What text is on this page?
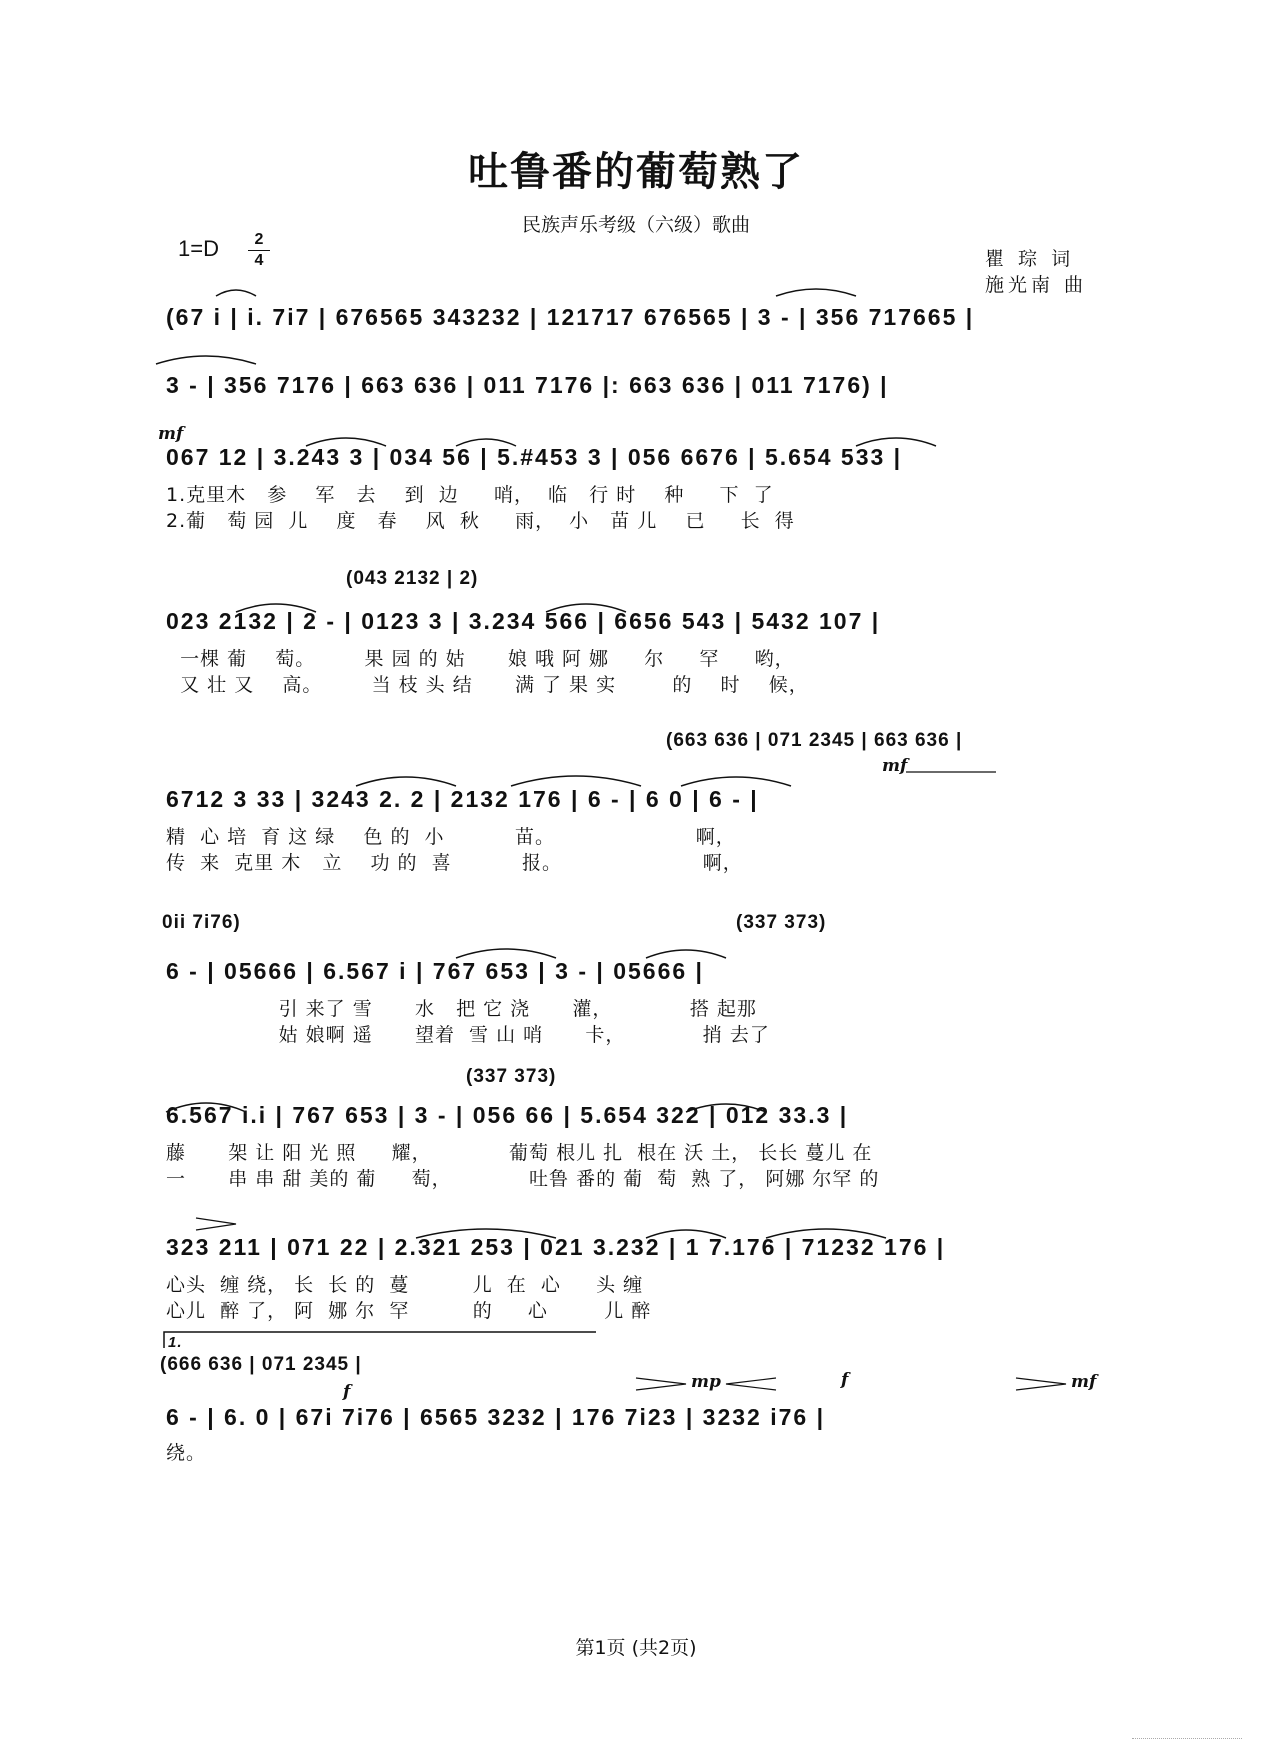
吐鲁番的葡萄熟了
民族声乐考级（六级）歌曲
1=D	2
4	瞿 琮 词
施光南 曲
(67 i | i. 7i7 | 676565 343232 | 121717 676565 | 3 - | 356 717665 |
3 - | 356 7176 | 663 636 | 011 7176 |: 663 636 | 011 7176) |
mf
067 12 | 3.243 3 | 034 56 | 5.#453 3 | 056 6676 | 5.654 533 |
1.克里木   参    军   去    到  边     哨，  临   行 时    种     下  了
2.葡   萄 园  儿    度   春    风  秋     雨，  小   苗 儿    已     长  得
(043 2132 | 2)
023 2132 | 2 - | 0123 3 | 3.234 566 | 6656 543 | 5432 107 |
一棵 葡    萄。       果 园 的 姑      娘 哦 阿 娜     尔     罕     哟，
又 壮 又    高。       当 枝 头 结      满 了 果 实        的    时    候，
(663 636 | 071 2345 | 663 636 |
mf
6712 3 33 | 3243 2. 2 | 2132 176 | 6 - | 6 0 | 6 - |
精  心 培  育 这 绿    色 的  小          苗。                    啊，
传  来  克里 木   立    功 的  喜          报。                    啊，
0ii 7i76)	(337 373)
6 - | 05666 | 6.567 i | 767 653 | 3 - | 05666 |
引 来了 雪      水   把 它 浇      灌，           搭 起那
姑 娘啊 遥      望着  雪 山 哨      卡，           捎 去了
(337 373)
6.567 i.i | 767 653 | 3 - | 056 66 | 5.654 322 | 012 33.3 |
藤      架 让 阳 光 照     耀，           葡萄 根儿 扎  根在 沃 土， 长长 蔓儿 在
一      串 串 甜 美的 葡     萄，           吐鲁 番的 葡  萄  熟 了， 阿娜 尔罕 的
323 211 | 071 22 | 2.321 253 | 021 3.232 | 1 7.176 | 71232 176 |
心头  缠 绕， 长  长 的  蔓         儿  在  心     头 缠
心儿  醉 了， 阿  娜 尔  罕         的     心        儿 醉
1.
(666 636 | 071 2345 |
f	mp	f	mf
6 - | 6. 0 | 67i 7i76 | 6565 3232 | 176 7i23 | 3232 i76 |
绕。
第1页 (共2页)
